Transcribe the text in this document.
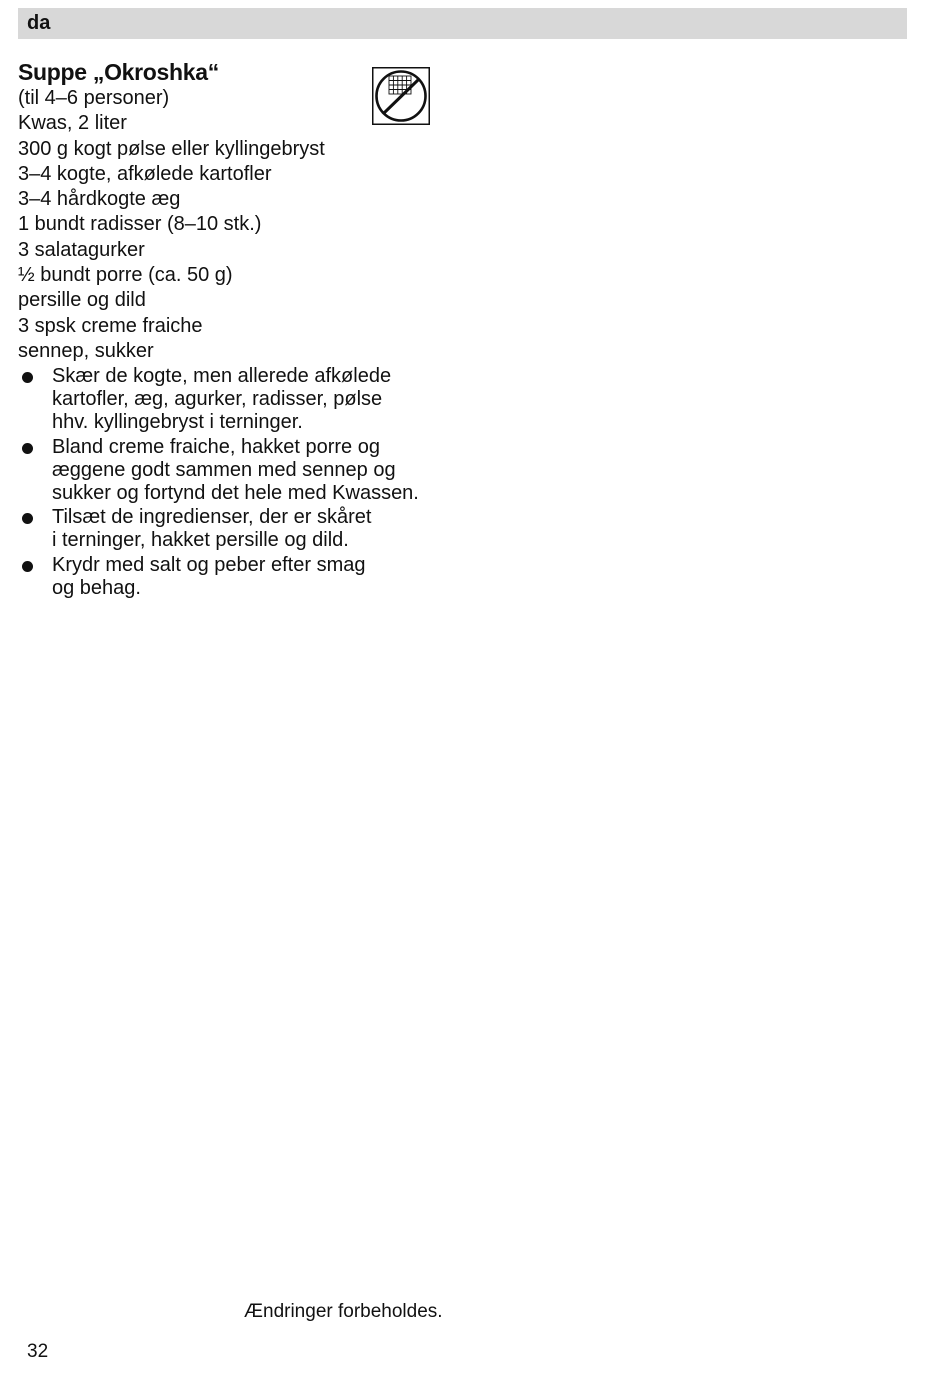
da
Suppe „Okroshka“
(til 4–6 personer)
Kwas, 2 liter
300 g kogt pølse eller kyllingebryst
3–4 kogte, afkølede kartofler
3–4 hårdkogte æg
1 bundt radisser (8–10 stk.)
3 salatagurker
½ bundt porre (ca. 50 g)
persille og dild
3 spsk creme fraiche
sennep, sukker
Skær de kogte, men allerede afkølede
kartofler, æg, agurker, radisser, pølse
hhv. kyllingebryst i terninger.
Bland creme fraiche, hakket porre og
æggene godt sammen med sennep og
sukker og fortynd det hele med Kwassen.
Tilsæt de ingredienser, der er skåret
i terninger, hakket persille og dild.
Krydr med salt og peber efter smag
og behag.
Ændringer forbeholdes.
32
